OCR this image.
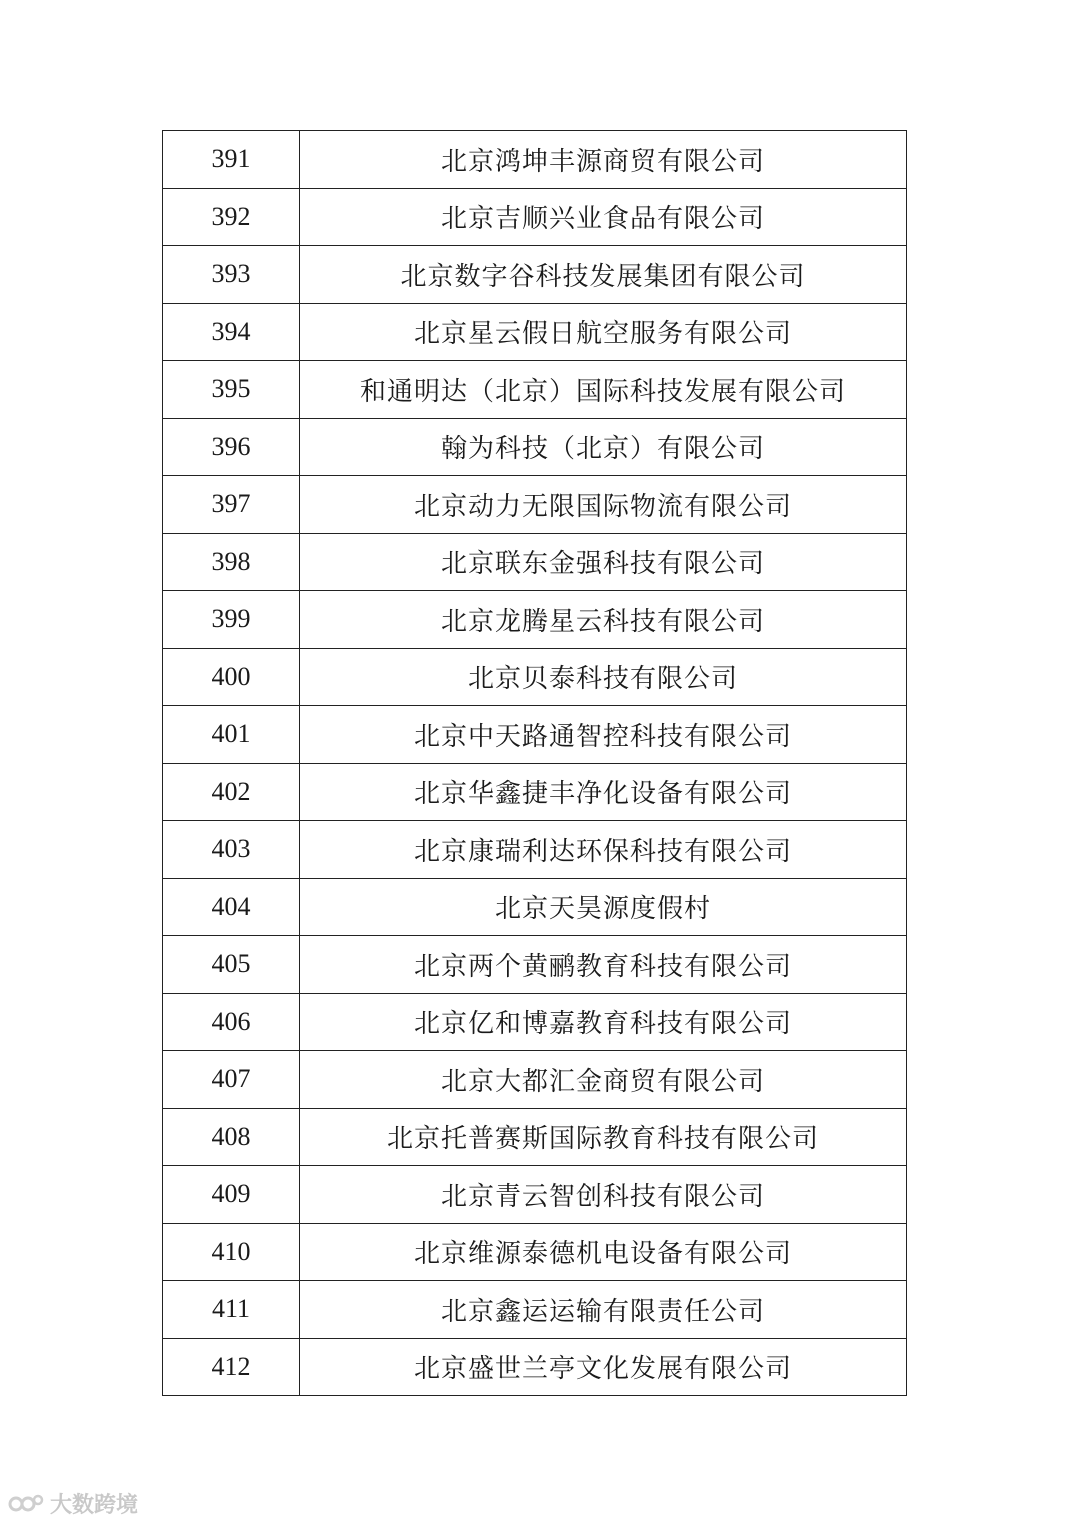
391	北京鸿坤丰源商贸有限公司
392	北京吉顺兴业食品有限公司
393	北京数字谷科技发展集团有限公司
394	北京星云假日航空服务有限公司
395	和通明达（北京）国际科技发展有限公司
396	翰为科技（北京）有限公司
397	北京动力无限国际物流有限公司
398	北京联东金强科技有限公司
399	北京龙腾星云科技有限公司
400	北京贝泰科技有限公司
401	北京中天路通智控科技有限公司
402	北京华鑫捷丰净化设备有限公司
403	北京康瑞利达环保科技有限公司
404	北京天昊源度假村
405	北京两个黄鹂教育科技有限公司
406	北京亿和博嘉教育科技有限公司
407	北京大都汇金商贸有限公司
408	北京托普赛斯国际教育科技有限公司
409	北京青云智创科技有限公司
410	北京维源泰德机电设备有限公司
411	北京鑫运运输有限责任公司
412	北京盛世兰亭文化发展有限公司
大数跨境
